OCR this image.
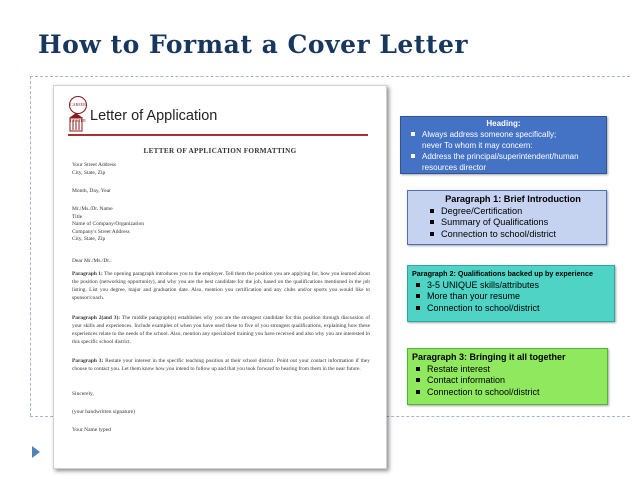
How to Format a Cover Letter
CAREER CENTER Letter of Application
LETTER OF APPLICATION FORMATTING
Your Street Address
City, State, Zip
Month, Day, Year
Mr./Ms./Dr. Name
Title
Name of Company/Organization
Company's Street Address
City, State, Zip
Dear Mr./Ms./Dr.:
Paragraph 1: The opening paragraph introduces you to the employer. Tell them the position you are applying for, how you learned about the position (networking opportunity), and why you are the best candidate for the job, based on the qualifications mentioned in the job listing. List you degree, major and graduation date. Also, mention you certification and any clubs and/or sports you would like to sponsor/coach.
Paragraph 2(and 3): The middle paragraph(s) establishes why you are the strongest candidate for this position through discussion of your skills and experiences. Include examples of when you have used these to five of you strongest qualifications, explaining how these experiences relate to the needs of the school. Also, mention any specialized training you have received and also why you are interested in this specific school district.
Paragraph 3: Restate your interest in the specific teaching position at their school district. Point out your contact information if they choose to contact you. Let them know how you intend to follow up and that you look forward to hearing from them in the near future.
Sincerely,
(your handwritten signature)
Your Name typed
Heading:
Always address someone specifically;
never To whom it may concern:
Address the principal/superintendent/human
resources director
Paragraph 1: Brief Introduction
Degree/Certification
Summary of Qualifications
Connection to school/district
Paragraph 2: Qualifications backed up by experience
3-5 UNIQUE skills/attributes
More than your resume
Connection to school/district
Paragraph 3: Bringing it all together
Restate interest
Contact information
Connection to school/district
